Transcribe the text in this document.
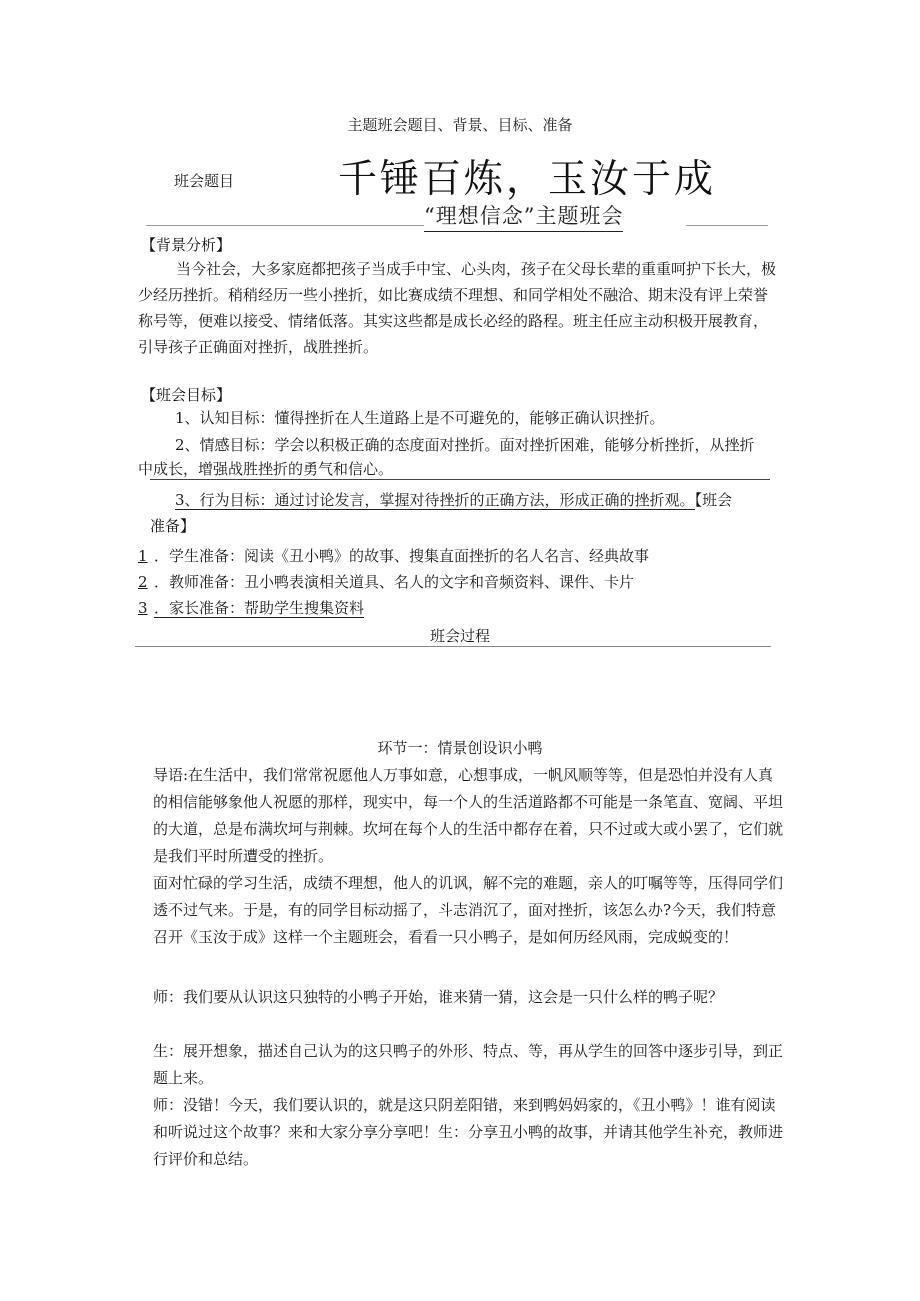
主题班会题目、背景、目标、准备
班会题目	千锤百炼，玉汝于成
“理想信念”主题班会
【背景分析】
当今社会，大多家庭都把孩子当成手中宝、心头肉，孩子在父母长辈的重重呵护下长大，极少经历挫折。稍稍经历一些小挫折，如比赛成绩不理想、和同学相处不融洽、期末没有评上荣誉称号等，便难以接受、情绪低落。其实这些都是成长必经的路程。班主任应主动积极开展教育，引导孩子正确面对挫折，战胜挫折。
【班会目标】
1、认知目标：懂得挫折在人生道路上是不可避免的，能够正确认识挫折。
2、情感目标：学会以积极正确的态度面对挫折。面对挫折困难，能够分析挫折，从挫折
中成长，增强战胜挫折的勇气和信心。
3、行为目标：通过讨论发言，掌握对待挫折的正确方法，形成正确的挫折观。【班会
准备】
1 ．学生准备：阅读《丑小鸭》的故事、搜集直面挫折的名人名言、经典故事
2 ．教师准备：丑小鸭表演相关道具、名人的文字和音频资料、课件、卡片
3 ．家长准备：帮助学生搜集资料
班会过程
环节一：情景创设识小鸭
导语:在生活中，我们常常祝愿他人万事如意，心想事成，一帆风顺等等，但是恐怕并没有人真的相信能够象他人祝愿的那样，现实中，每一个人的生活道路都不可能是一条笔直、宽阔、平坦的大道，总是布满坎坷与荆棘。坎坷在每个人的生活中都存在着，只不过或大或小罢了，它们就是我们平时所遭受的挫折。
面对忙碌的学习生活，成绩不理想，他人的讥讽，解不完的难题，亲人的叮嘱等等，压得同学们透不过气来。于是，有的同学目标动摇了，斗志消沉了，面对挫折，该怎么办?今天，我们特意召开《玉汝于成》这样一个主题班会，看看一只小鸭子，是如何历经风雨，完成蜕变的！
师：我们要从认识这只独特的小鸭子开始，谁来猜一猜，这会是一只什么样的鸭子呢？
生：展开想象，描述自己认为的这只鸭子的外形、特点、等，再从学生的回答中逐步引导，到正题上来。
师：没错！今天，我们要认识的，就是这只阴差阳错，来到鸭妈妈家的，《丑小鸭》！谁有阅读和听说过这个故事？来和大家分享分享吧！生：分享丑小鸭的故事，并请其他学生补充，教师进行评价和总结。
